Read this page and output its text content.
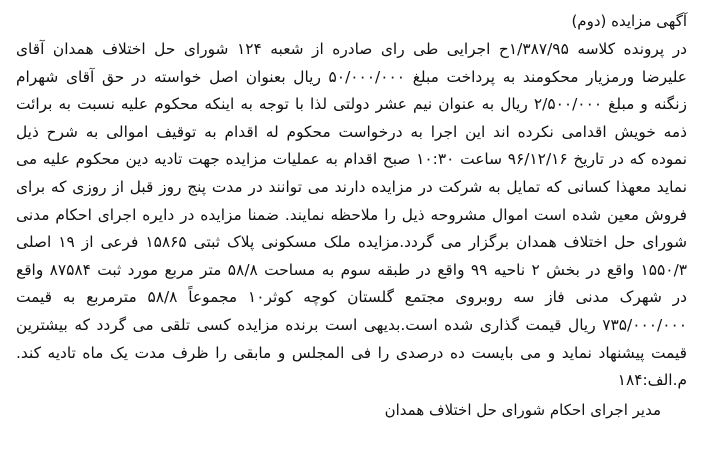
آگهی مزایده (دوم)

در پرونده کلاسه ۱/۳۸۷/۹۵ح اجرایی طی رای صادره از شعبه ۱۲۴ شورای حل اختلاف همدان آقای علیرضا ورمزیار محکومند به پرداخت مبلغ ۵۰/۰۰۰/۰۰۰ ریال بعنوان اصل خواسته در حق آقای شهرام زنگنه و مبلغ ۲/۵۰۰/۰۰۰ ریال به عنوان نیم عشر دولتی لذا با توجه به اینکه محکوم علیه نسبت به برائت ذمه خویش اقدامی نکرده اند این اجرا به درخواست محکوم له اقدام به توقیف اموالی به شرح ذیل نموده که در تاریخ ۹۶/۱۲/۱۶ ساعت ۱۰:۳۰ صبح اقدام به عملیات مزایده جهت تادیه دین محکوم علیه می نماید معهذا کسانی که تمایل به شرکت در مزایده دارند می توانند در مدت پنج روز قبل از روزی که برای فروش معین شده است اموال مشروحه ذیل را ملاحظه نمایند. ضمنا مزایده در دایره اجرای احکام مدنی شورای حل اختلاف همدان برگزار می گردد.مزایده ملک مسکونی پلاک ثبتی ۱۵۸۶۵ فرعی از ۱۹ اصلی ۱۵۵۰/۳ واقع در بخش ۲ ناحیه ۹۹ واقع در طبقه سوم به مساحت ۵۸/۸ متر مربع مورد ثبت ۸۷۵۸۴ واقع در شهرک مدنی فاز سه روبروی مجتمع گلستان کوچه کوثر۱۰ مجموعاً ۵۸/۸ مترمربع به قیمت ۷۳۵/۰۰۰/۰۰۰ ریال قیمت گذاری شده است.بدیهی است برنده مزایده کسی تلقی می گردد که بیشترین قیمت پیشنهاد نماید و می بایست ده درصدی را فی المجلس و مابقی را ظرف مدت یک ماه تادیه کند. م.الف:۱۸۴

مدیر اجرای احکام شورای حل اختلاف همدان
